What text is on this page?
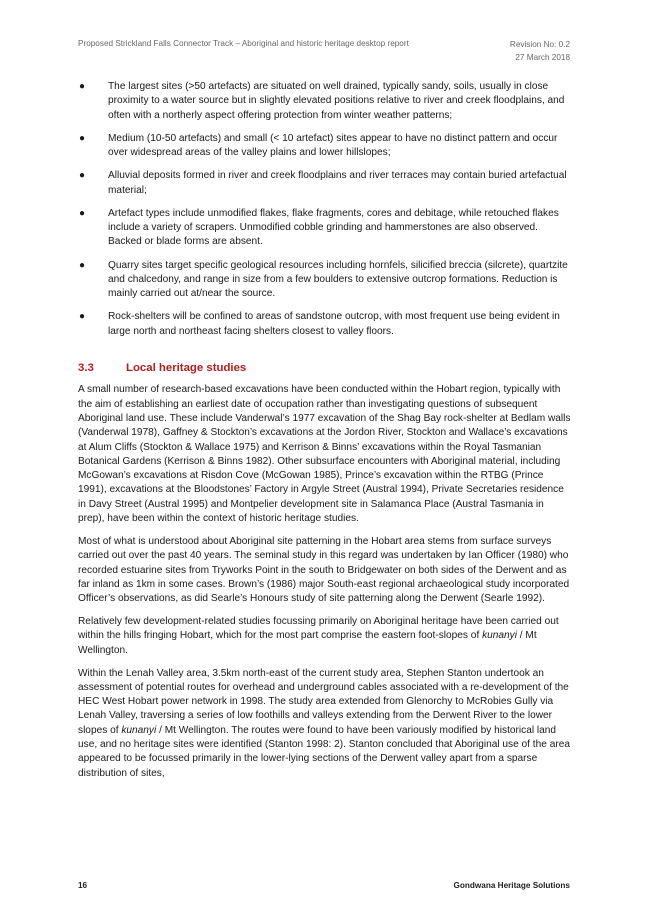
Proposed Strickland Falls Connector Track – Aboriginal and historic heritage desktop report	Revision No: 0.2
27 March 2018
● The largest sites (>50 artefacts) are situated on well drained, typically sandy, soils, usually in close proximity to a water source but in slightly elevated positions relative to river and creek floodplains, and often with a northerly aspect offering protection from winter weather patterns;
● Medium (10-50 artefacts) and small (< 10 artefact) sites appear to have no distinct pattern and occur over widespread areas of the valley plains and lower hillslopes;
● Alluvial deposits formed in river and creek floodplains and river terraces may contain buried artefactual material;
● Artefact types include unmodified flakes, flake fragments, cores and debitage, while retouched flakes include a variety of scrapers. Unmodified cobble grinding and hammerstones are also observed. Backed or blade forms are absent.
● Quarry sites target specific geological resources including hornfels, silicified breccia (silcrete), quartzite and chalcedony, and range in size from a few boulders to extensive outcrop formations. Reduction is mainly carried out at/near the source.
● Rock-shelters will be confined to areas of sandstone outcrop, with most frequent use being evident in large north and northeast facing shelters closest to valley floors.
3.3	Local heritage studies

A small number of research-based excavations have been conducted within the Hobart region, typically with the aim of establishing an earliest date of occupation rather than investigating questions of subsequent Aboriginal land use. These include Vanderwal’s 1977 excavation of the Shag Bay rock-shelter at Bedlam walls (Vanderwal 1978), Gaffney & Stockton’s excavations at the Jordon River, Stockton and Wallace’s excavations at Alum Cliffs (Stockton & Wallace 1975) and Kerrison & Binns’ excavations within the Royal Tasmanian Botanical Gardens (Kerrison & Binns 1982). Other subsurface encounters with Aboriginal material, including McGowan’s excavations at Risdon Cove (McGowan 1985), Prince’s excavation within the RTBG (Prince 1991), excavations at the Bloodstones’ Factory in Argyle Street (Austral 1994), Private Secretaries residence in Davy Street (Austral 1995) and Montpelier development site in Salamanca Place (Austral Tasmania in prep), have been within the context of historic heritage studies.

Most of what is understood about Aboriginal site patterning in the Hobart area stems from surface surveys carried out over the past 40 years. The seminal study in this regard was undertaken by Ian Officer (1980) who recorded estuarine sites from Tryworks Point in the south to Bridgewater on both sides of the Derwent and as far inland as 1km in some cases. Brown’s (1986) major South-east regional archaeological study incorporated Officer’s observations, as did Searle’s Honours study of site patterning along the Derwent (Searle 1992).

Relatively few development-related studies focussing primarily on Aboriginal heritage have been carried out within the hills fringing Hobart, which for the most part comprise the eastern foot-slopes of kunanyi / Mt Wellington.

Within the Lenah Valley area, 3.5km north-east of the current study area, Stephen Stanton undertook an assessment of potential routes for overhead and underground cables associated with a re-development of the HEC West Hobart power network in 1998. The study area extended from Glenorchy to McRobies Gully via Lenah Valley, traversing a series of low foothills and valleys extending from the Derwent River to the lower slopes of kunanyi / Mt Wellington. The routes were found to have been variously modified by historical land use, and no heritage sites were identified (Stanton 1998: 2). Stanton concluded that Aboriginal use of the area appeared to be focussed primarily in the lower-lying sections of the Derwent valley apart from a sparse distribution of sites,

16	Gondwana Heritage Solutions
